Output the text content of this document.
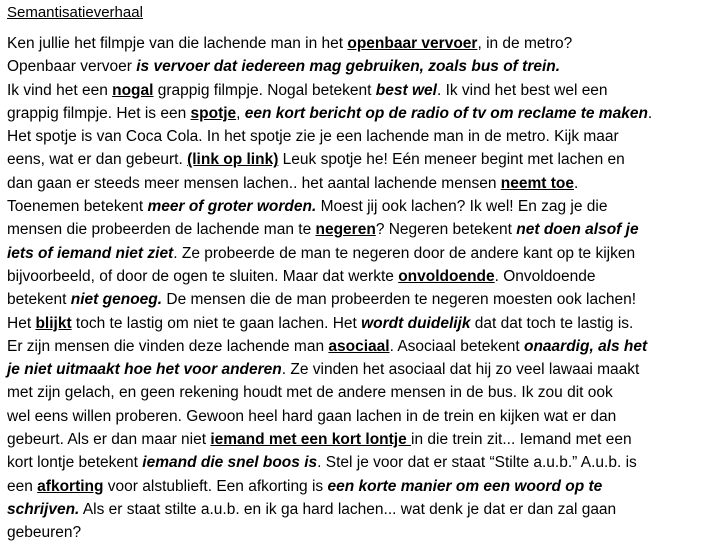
Semantisatieverhaal
Ken jullie het filmpje van die lachende man in het openbaar vervoer, in de metro?
Openbaar vervoer is vervoer dat iedereen mag gebruiken, zoals bus of trein.
Ik vind het een nogal grappig filmpje. Nogal betekent best wel. Ik vind het best wel een
grappig filmpje. Het is een spotje, een kort bericht op de radio of tv om reclame te maken.
Het spotje is van Coca Cola. In het spotje zie je een lachende man in de metro. Kijk maar
eens, wat er dan gebeurt. (link op link) Leuk spotje he! Eén meneer begint met lachen en
dan gaan er steeds meer mensen lachen.. het aantal lachende mensen neemt toe.
Toenemen betekent meer of groter worden. Moest jij ook lachen? Ik wel! En zag je die
mensen die probeerden de lachende man te negeren? Negeren betekent net doen alsof je
iets of iemand niet ziet. Ze probeerde de man te negeren door de andere kant op te kijken
bijvoorbeeld, of door de ogen te sluiten. Maar dat werkte onvoldoende. Onvoldoende
betekent niet genoeg. De mensen die de man probeerden te negeren moesten ook lachen!
Het blijkt toch te lastig om niet te gaan lachen. Het wordt duidelijk dat dat toch te lastig is.
Er zijn mensen die vinden deze lachende man asociaal. Asociaal betekent onaardig, als het
je niet uitmaakt hoe het voor anderen. Ze vinden het asociaal dat hij zo veel lawaai maakt
met zijn gelach, en geen rekening houdt met de andere mensen in de bus. Ik zou dit ook
wel eens willen proberen. Gewoon heel hard gaan lachen in de trein en kijken wat er dan
gebeurt. Als er dan maar niet iemand met een kort lontje in die trein zit... Iemand met een
kort lontje betekent iemand die snel boos is. Stel je voor dat er staat “Stilte a.u.b.” A.u.b. is
een afkorting voor alstublieft. Een afkorting is een korte manier om een woord op te
schrijven. Als er staat stilte a.u.b. en ik ga hard lachen... wat denk je dat er dan zal gaan
gebeuren?
